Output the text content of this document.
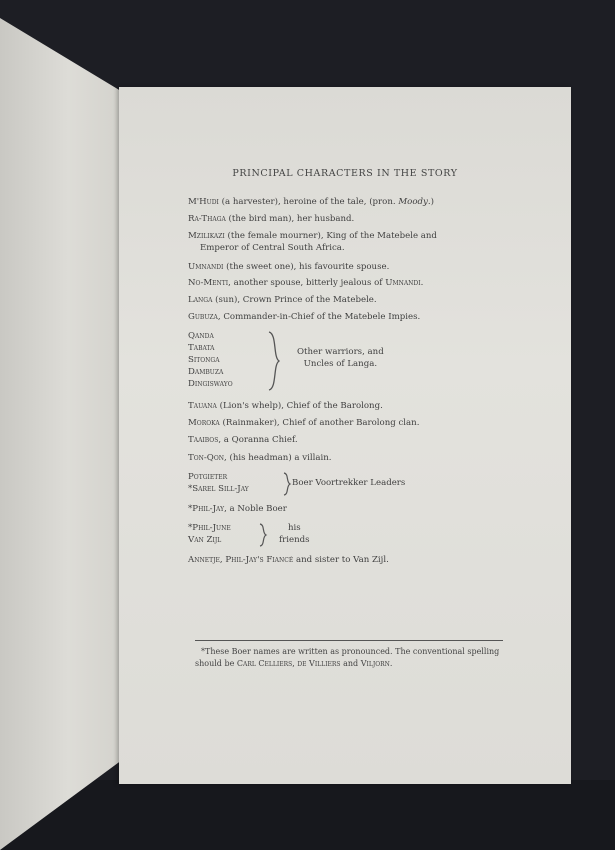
PRINCIPAL CHARACTERS IN THE STORY
M'Hudi (a harvester), heroine of the tale, (pron. Moody.)
Ra-Thaga (the bird man), her husband.
Mzilikazi (the female mourner), King of the Matebele and
Emperor of Central South Africa.
Umnandi (the sweet one), his favourite spouse.
No-Menti, another spouse, bitterly jealous of Umnandi.
Langa (sun), Crown Prince of the Matebele.
Gubuza, Commander-in-Chief of the Matebele Impies.
Qanda
Tabata
Sitonga
Dambuza
Dingiswayo
Other warriors, and
Uncles of Langa.
Tauana (Lion's whelp), Chief of the Barolong.
Moroka (Rainmaker), Chief of another Barolong clan.
Taaibos, a Qoranna Chief.
Ton-Qon, (his headman) a villain.
Potgieter
*Sarel Sill-Jay
Boer Voortrekker Leaders
*Phil-Jay, a Noble Boer
*Phil-June
Van Zijl
his
friends
Annetje, Phil-Jay's Fiancé and sister to Van Zijl.
*These Boer names are written as pronounced. The conventional spelling should be Carl Celliers, de Villiers and Viljorn.
